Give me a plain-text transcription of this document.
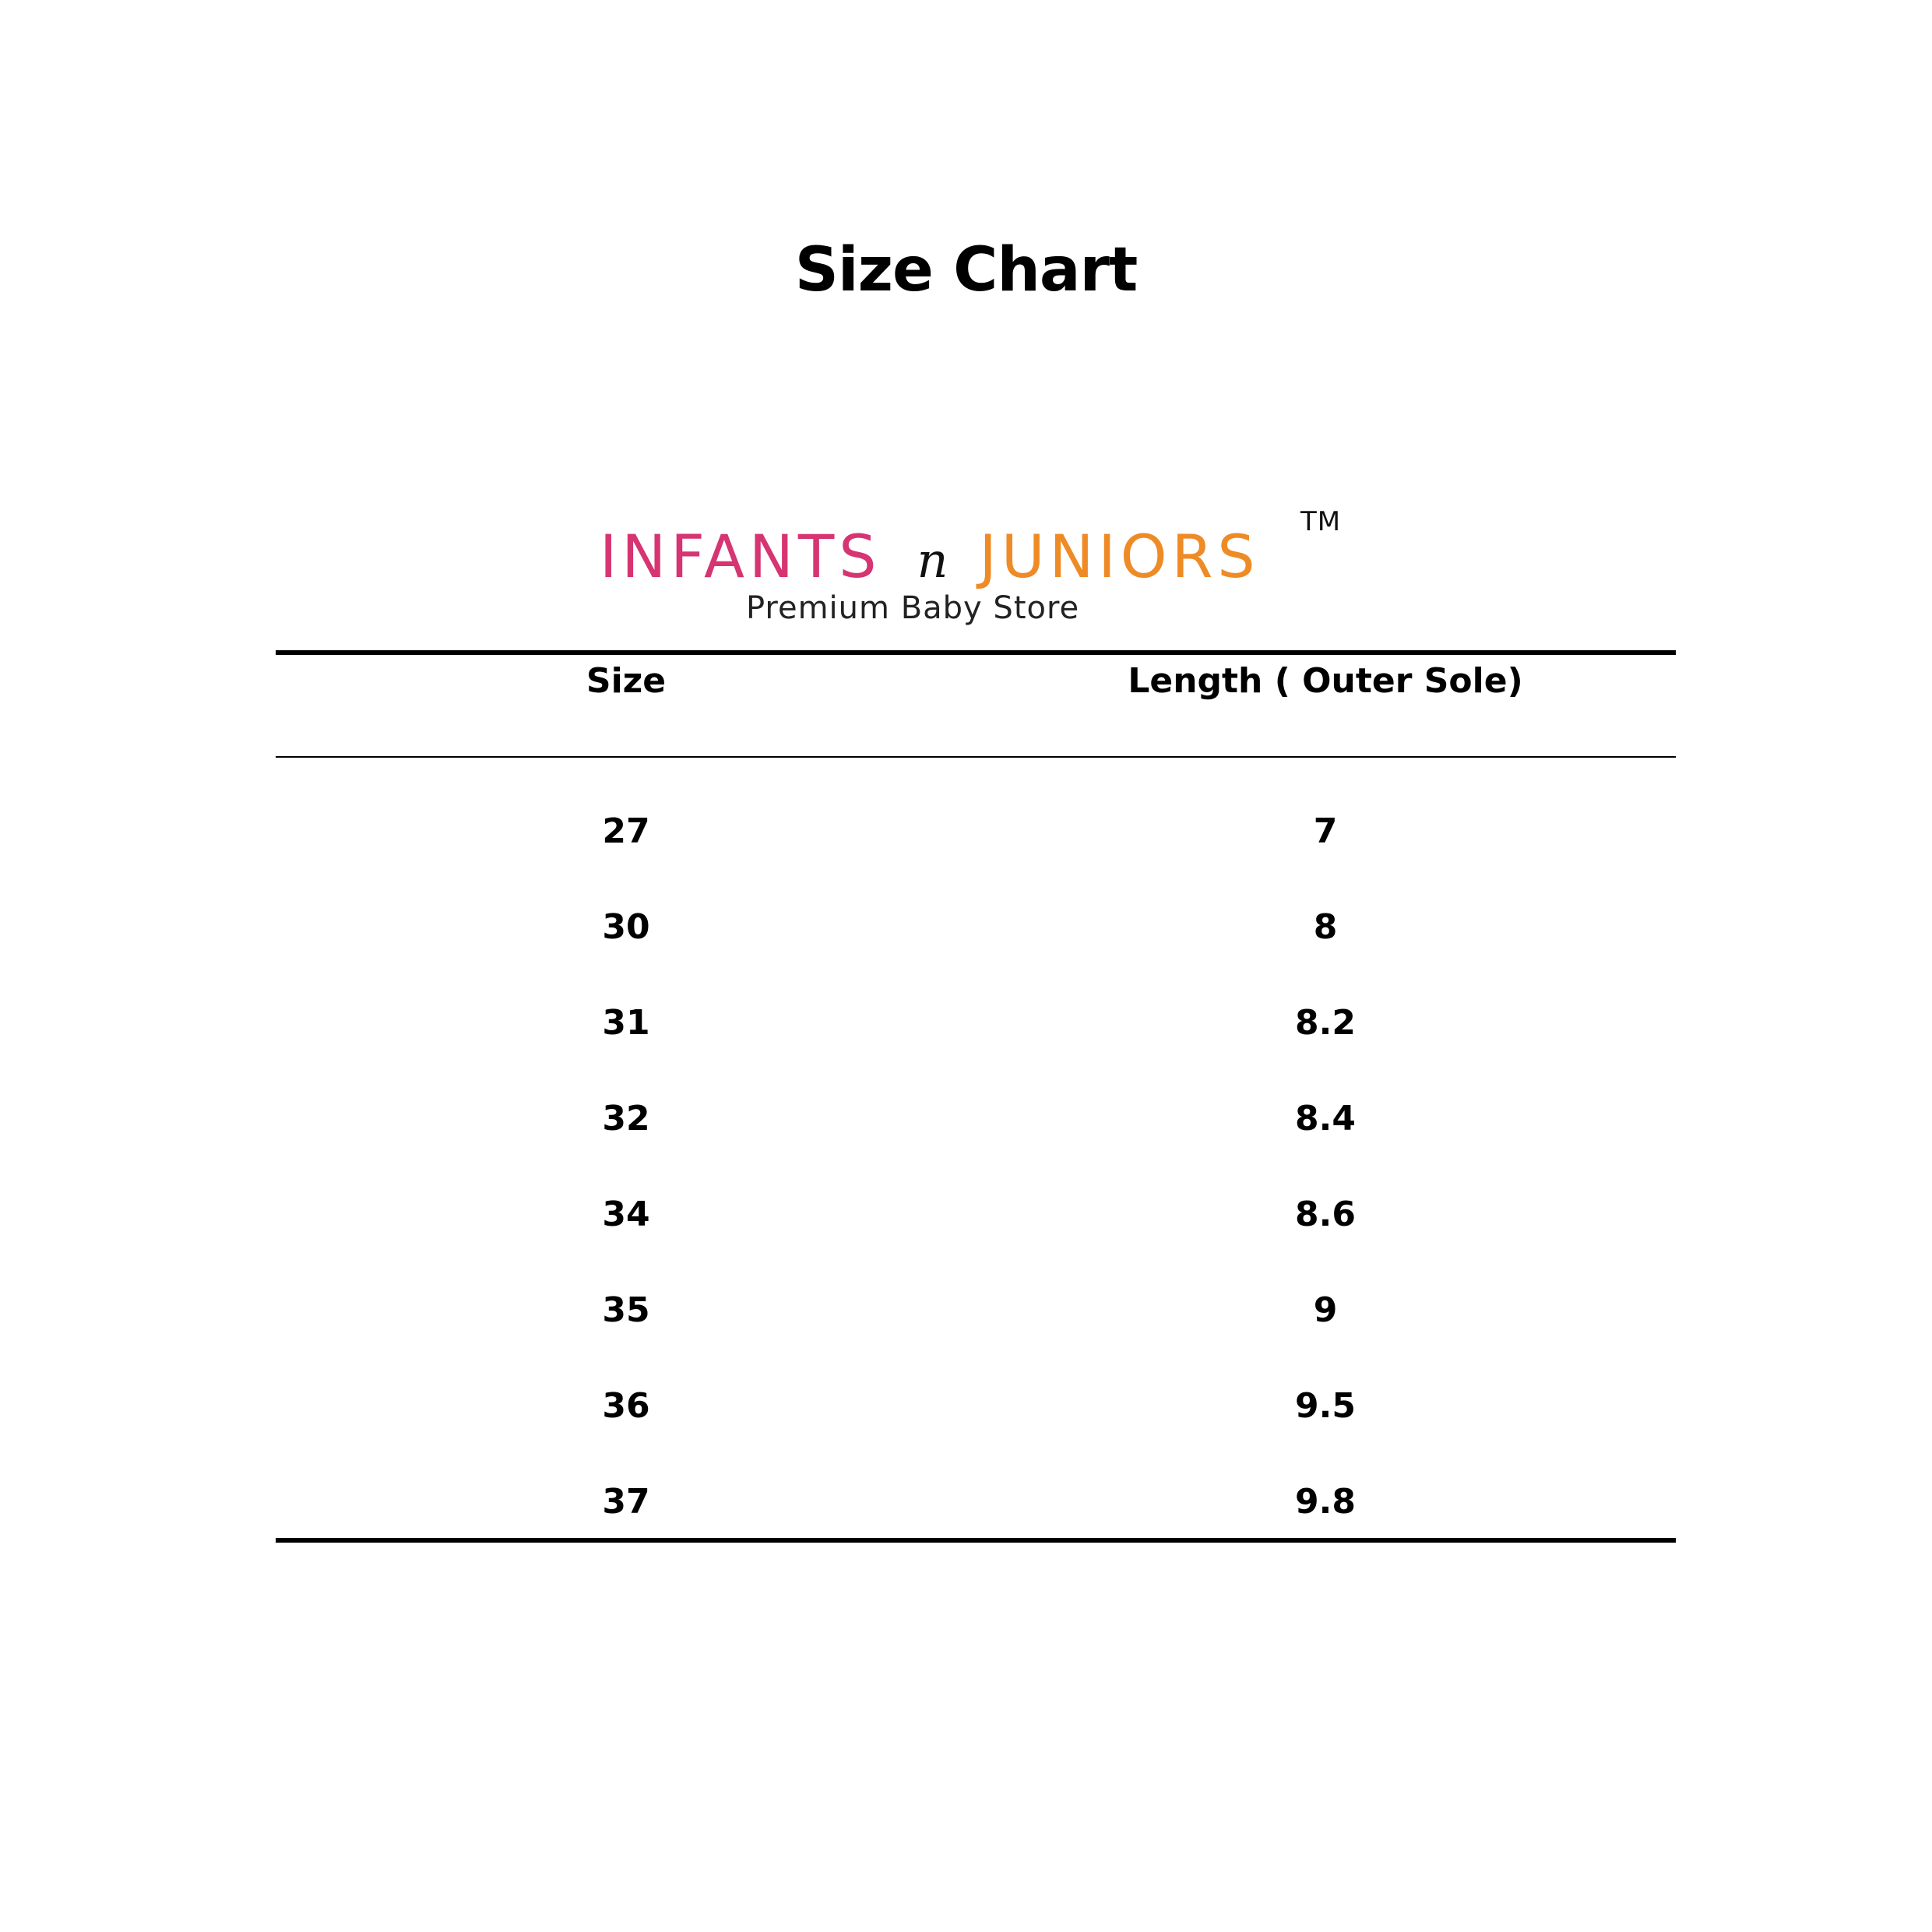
Size Chart
INFANTS n JUNIORS TM
Premium Baby Store
Size	Length ( Outer Sole)
27	7
30	8
31	8.2
32	8.4
34	8.6
35	9
36	9.5
37	9.8
